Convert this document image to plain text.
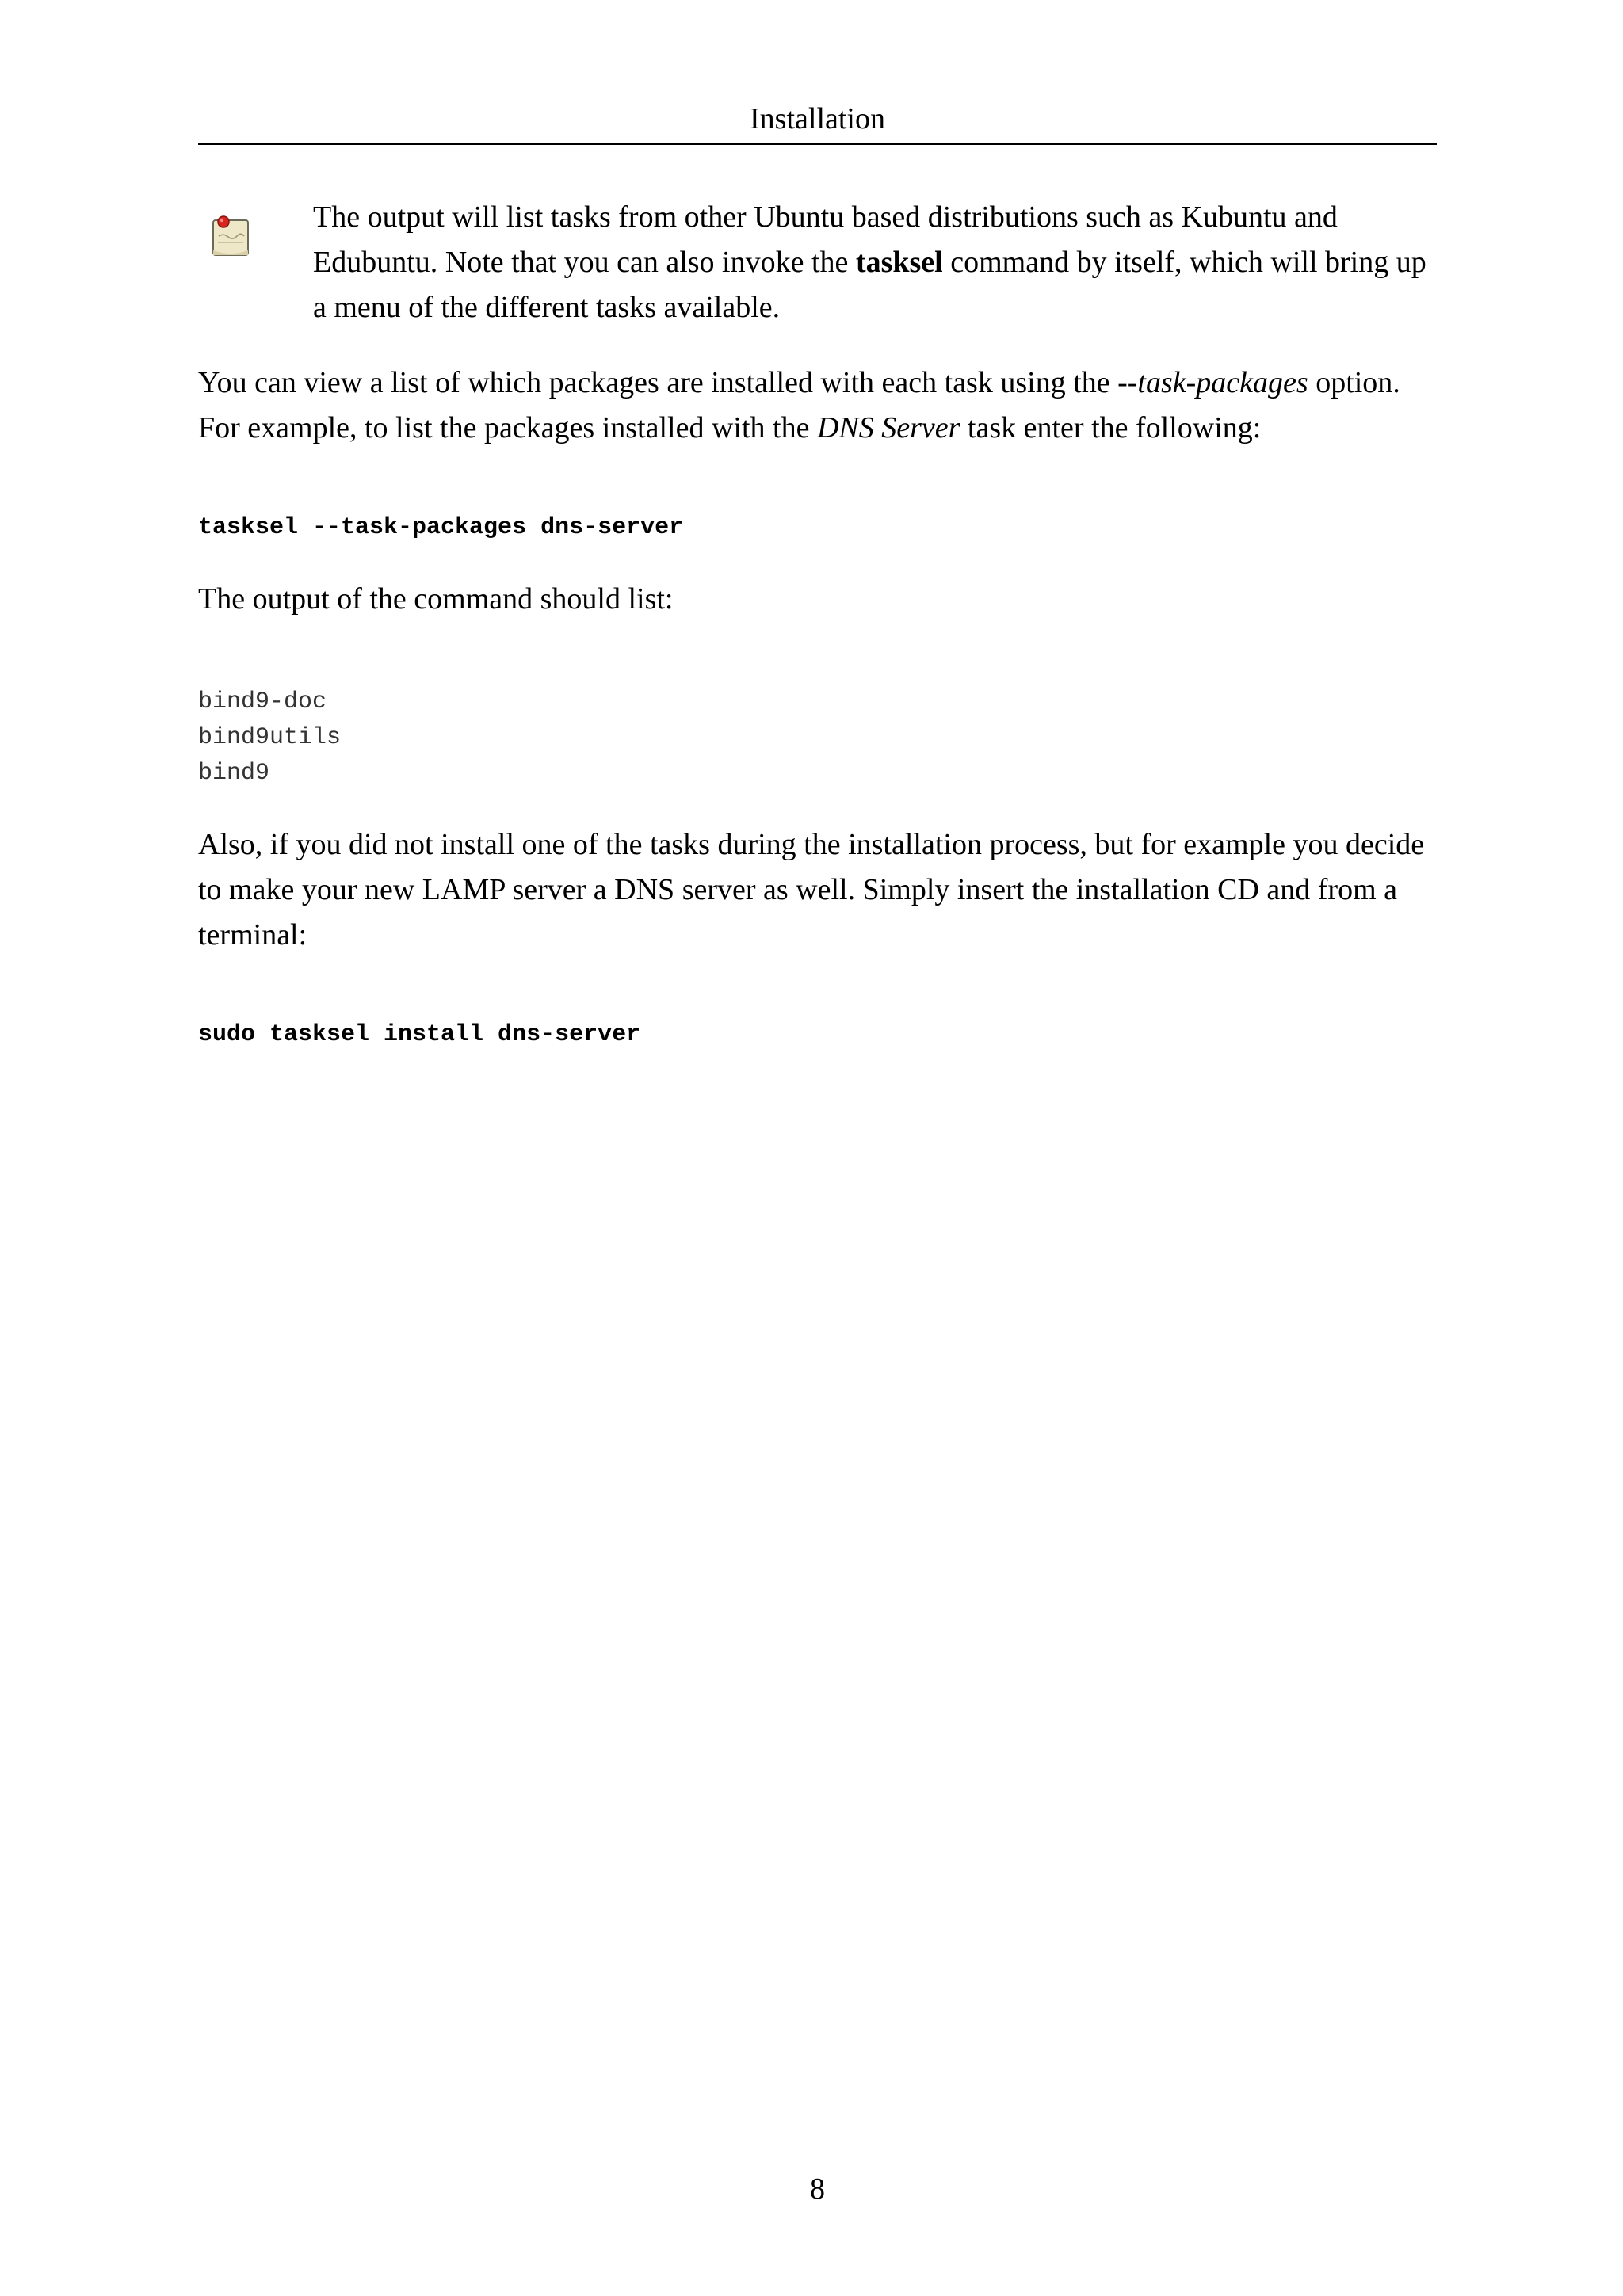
Installation
The output will list tasks from other Ubuntu based distributions such as Kubuntu and Edubuntu. Note that you can also invoke the tasksel command by itself, which will bring up a menu of the different tasks available.

You can view a list of which packages are installed with each task using the --task-packages option. For example, to list the packages installed with the DNS Server task enter the following:

tasksel --task-packages dns-server

The output of the command should list:

bind9-doc
bind9utils
bind9

Also, if you did not install one of the tasks during the installation process, but for example you decide to make your new LAMP server a DNS server as well. Simply insert the installation CD and from a terminal:

sudo tasksel install dns-server
8
